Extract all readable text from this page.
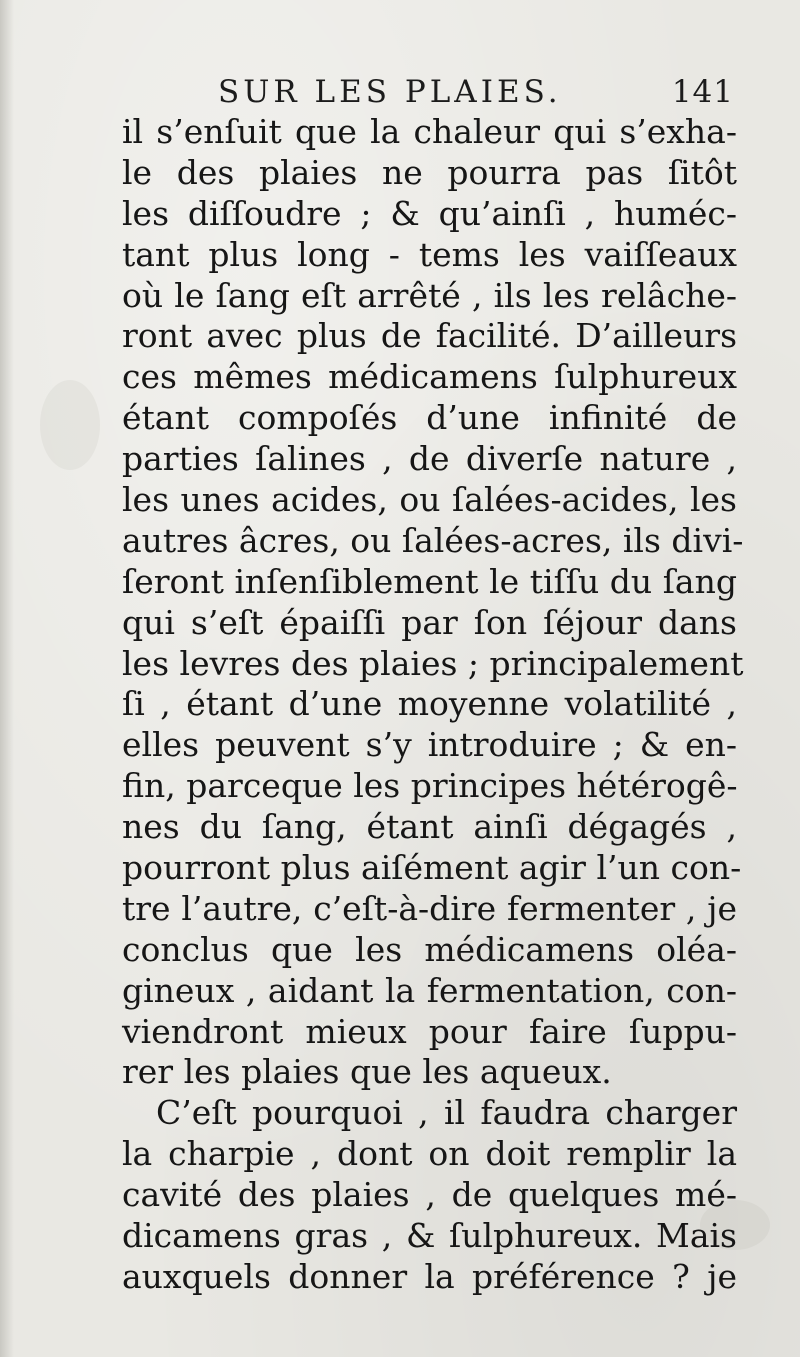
SUR LES PLAIES.	141
il s’enſuit que la chaleur qui s’exha-
le des plaies ne pourra pas ſitôt
les diſſoudre ; & qu’ainſi , huméc-
tant plus long - tems les vaiſſeaux
où le ſang eſt arrêté , ils les relâche-
ront avec plus de facilité. D’ailleurs
ces mêmes médicamens ſulphureux
étant compoſés d’une infinité de
parties ſalines , de diverſe nature ,
les unes acides, ou ſalées-acides, les
autres âcres, ou ſalées-acres, ils divi-
ſeront inſenſiblement le tiſſu du ſang
qui s’eſt épaiſſi par ſon ſéjour dans
les levres des plaies ; principalement
ſi , étant d’une moyenne volatilité ,
elles peuvent s’y introduire ; & en-
fin, parceque les principes hétérogê-
nes du ſang, étant ainſi dégagés ,
pourront plus aiſément agir l’un con-
tre l’autre, c’eſt-à-dire fermenter , je
conclus que les médicamens oléa-
gineux , aidant la fermentation, con-
viendront mieux pour faire ſuppu-
rer les plaies que les aqueux.
C’eſt pourquoi , il faudra charger
la charpie , dont on doit remplir la
cavité des plaies , de quelques mé-
dicamens gras , & ſulphureux. Mais
auxquels donner la préférence ? je
